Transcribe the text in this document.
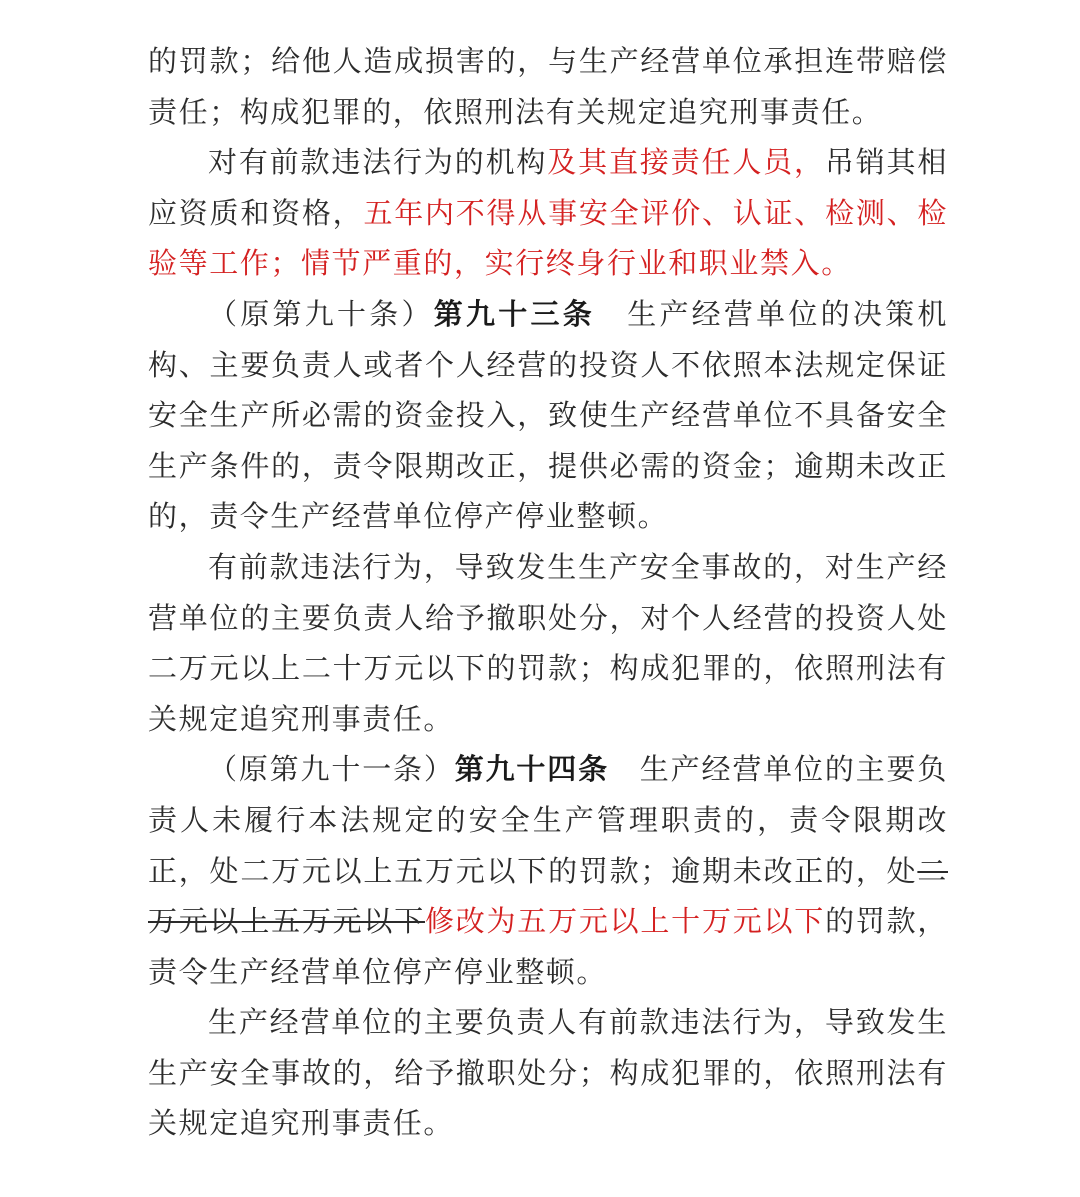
的罚款；给他人造成损害的，与生产经营单位承担连带赔偿责任；构成犯罪的，依照刑法有关规定追究刑事责任。

对有前款违法行为的机构及其直接责任人员，吊销其相应资质和资格，五年内不得从事安全评价、认证、检测、检验等工作；情节严重的，实行终身行业和职业禁入。

（原第九十条）第九十三条　生产经营单位的决策机构、主要负责人或者个人经营的投资人不依照本法规定保证安全生产所必需的资金投入，致使生产经营单位不具备安全生产条件的，责令限期改正，提供必需的资金；逾期未改正的，责令生产经营单位停产停业整顿。

有前款违法行为，导致发生生产安全事故的，对生产经营单位的主要负责人给予撤职处分，对个人经营的投资人处二万元以上二十万元以下的罚款；构成犯罪的，依照刑法有关规定追究刑事责任。

（原第九十一条）第九十四条　生产经营单位的主要负责人未履行本法规定的安全生产管理职责的，责令限期改正，处二万元以上五万元以下的罚款；逾期未改正的，处二万元以上五万元以下修改为五万元以上十万元以下的罚款，责令生产经营单位停产停业整顿。

生产经营单位的主要负责人有前款违法行为，导致发生生产安全事故的，给予撤职处分；构成犯罪的，依照刑法有关规定追究刑事责任。
